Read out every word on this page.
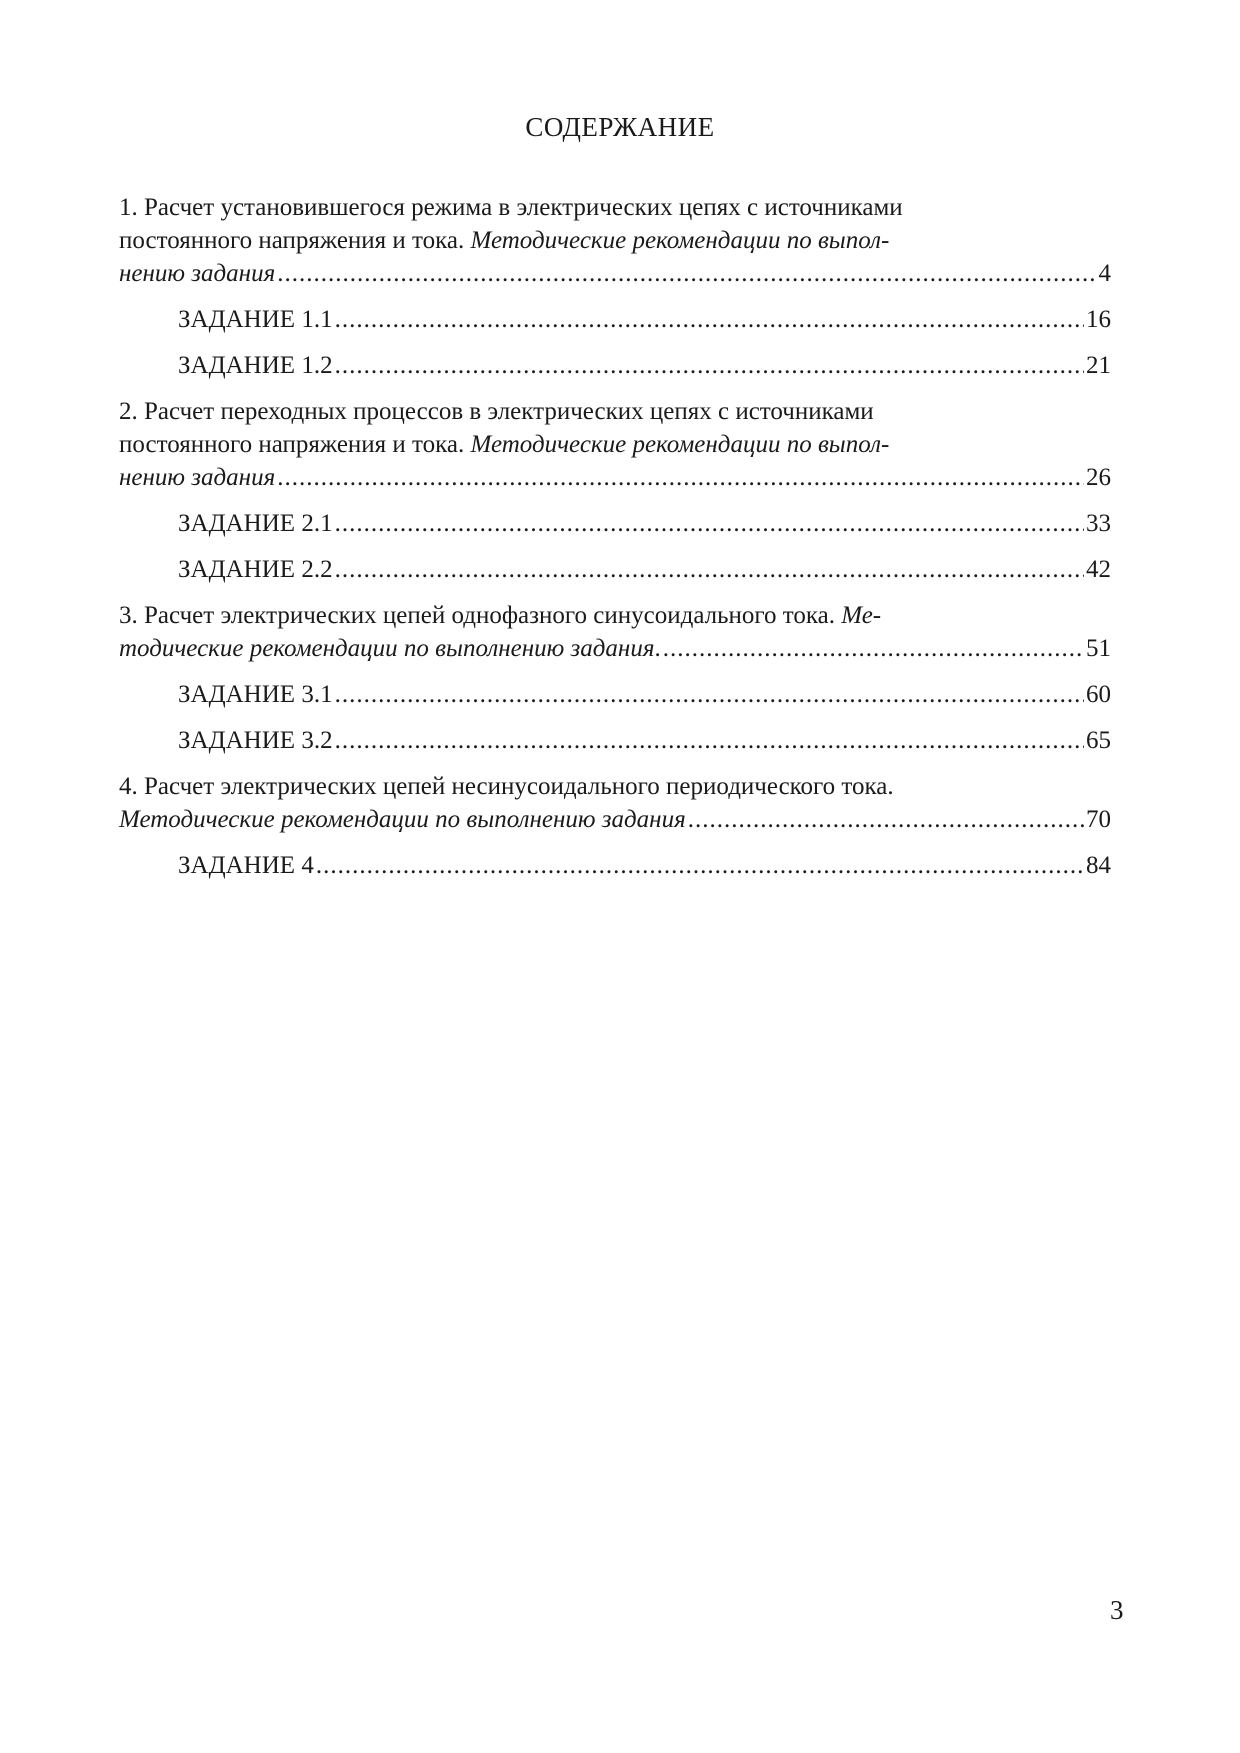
СОДЕРЖАНИЕ
1. Расчет установившегося режима в электрических цепях с источниками
постоянного напряжения и тока. Методические рекомендации по выпол-
нению задания .....	4
ЗАДАНИЕ 1.1 .....	16
ЗАДАНИЕ 1.2 .....	21
2. Расчет переходных процессов в электрических цепях с источниками
постоянного напряжения и тока. Методические рекомендации по выпол-
нению задания .....	26
ЗАДАНИЕ 2.1 .....	33
ЗАДАНИЕ 2.2 .....	42
3. Расчет электрических цепей однофазного синусоидального тока. Ме-
тодические рекомендации по выполнению задания . .....	51
ЗАДАНИЕ 3.1 .....	60
ЗАДАНИЕ 3.2 .....	65
4. Расчет электрических цепей несинусоидального периодического тока.
Методические рекомендации по выполнению задания .....	70
ЗАДАНИЕ 4 .....	84
3
